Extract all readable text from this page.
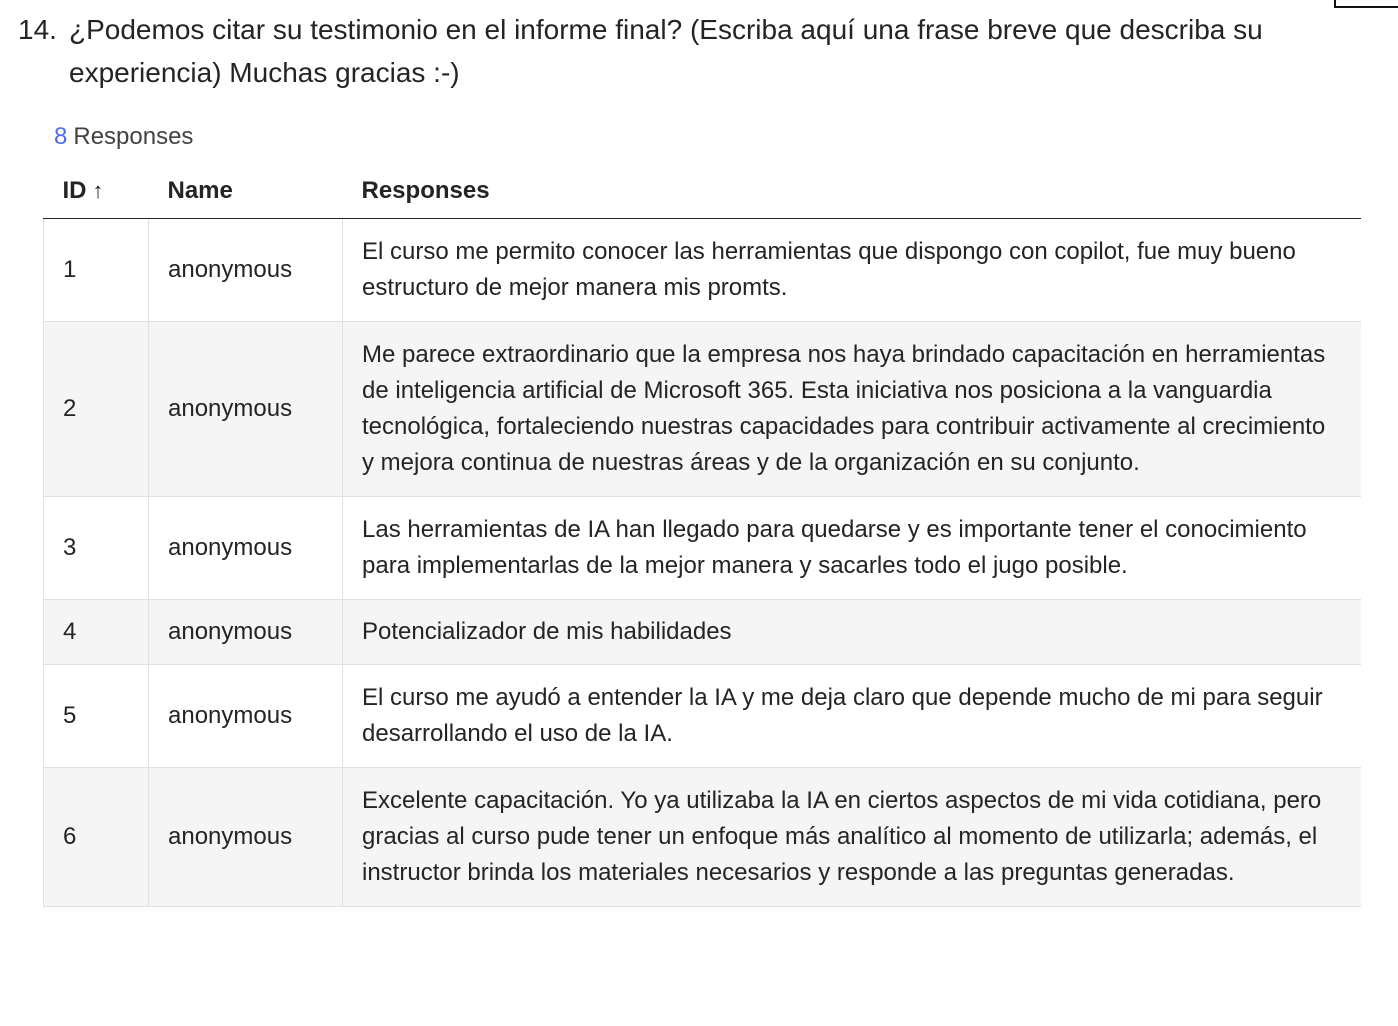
14. ¿Podemos citar su testimonio en el informe final? (Escriba aquí una frase breve que describa su experiencia) Muchas gracias :-)
8 Responses
ID ↑	Name	Responses
1	anonymous	El curso me permito conocer las herramientas que dispongo con copilot, fue muy bueno estructuro de mejor manera mis promts.
2	anonymous	Me parece extraordinario que la empresa nos haya brindado capacitación en herramientas de inteligencia artificial de Microsoft 365. Esta iniciativa nos posiciona a la vanguardia tecnológica, fortaleciendo nuestras capacidades para contribuir activamente al crecimiento y mejora continua de nuestras áreas y de la organización en su conjunto.
3	anonymous	Las herramientas de IA han llegado para quedarse y es importante tener el conocimiento para implementarlas de la mejor manera y sacarles todo el jugo posible.
4	anonymous	Potencializador de mis habilidades
5	anonymous	El curso me ayudó a entender la IA y me deja claro que depende mucho de mi para seguir desarrollando el uso de la IA.
6	anonymous	Excelente capacitación. Yo ya utilizaba la IA en ciertos aspectos de mi vida cotidiana, pero gracias al curso pude tener un enfoque más analítico al momento de utilizarla; además, el instructor brinda los materiales necesarios y responde a las preguntas generadas.
